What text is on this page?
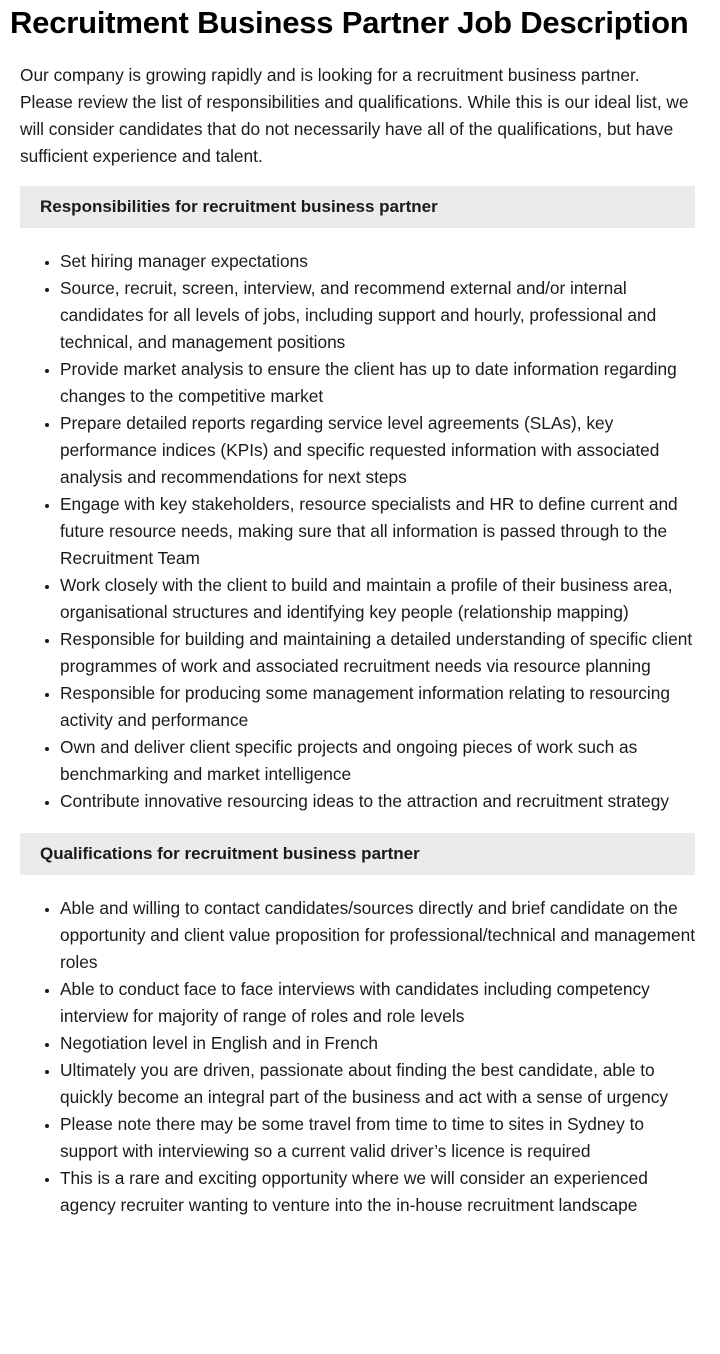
Recruitment Business Partner Job Description

Our company is growing rapidly and is looking for a recruitment business partner. Please review the list of responsibilities and qualifications. While this is our ideal list, we will consider candidates that do not necessarily have all of the qualifications, but have sufficient experience and talent.

Responsibilities for recruitment business partner
• Set hiring manager expectations
• Source, recruit, screen, interview, and recommend external and/or internal candidates for all levels of jobs, including support and hourly, professional and technical, and management positions
• Provide market analysis to ensure the client has up to date information regarding changes to the competitive market
• Prepare detailed reports regarding service level agreements (SLAs), key performance indices (KPIs) and specific requested information with associated analysis and recommendations for next steps
• Engage with key stakeholders, resource specialists and HR to define current and future resource needs, making sure that all information is passed through to the Recruitment Team
• Work closely with the client to build and maintain a profile of their business area, organisational structures and identifying key people (relationship mapping)
• Responsible for building and maintaining a detailed understanding of specific client programmes of work and associated recruitment needs via resource planning
• Responsible for producing some management information relating to resourcing activity and performance
• Own and deliver client specific projects and ongoing pieces of work such as benchmarking and market intelligence
• Contribute innovative resourcing ideas to the attraction and recruitment strategy
Qualifications for recruitment business partner
• Able and willing to contact candidates/sources directly and brief candidate on the opportunity and client value proposition for professional/technical and management roles
• Able to conduct face to face interviews with candidates including competency interview for majority of range of roles and role levels
• Negotiation level in English and in French
• Ultimately you are driven, passionate about finding the best candidate, able to quickly become an integral part of the business and act with a sense of urgency
• Please note there may be some travel from time to time to sites in Sydney to support with interviewing so a current valid driver’s licence is required
• This is a rare and exciting opportunity where we will consider an experienced agency recruiter wanting to venture into the in-house recruitment landscape
